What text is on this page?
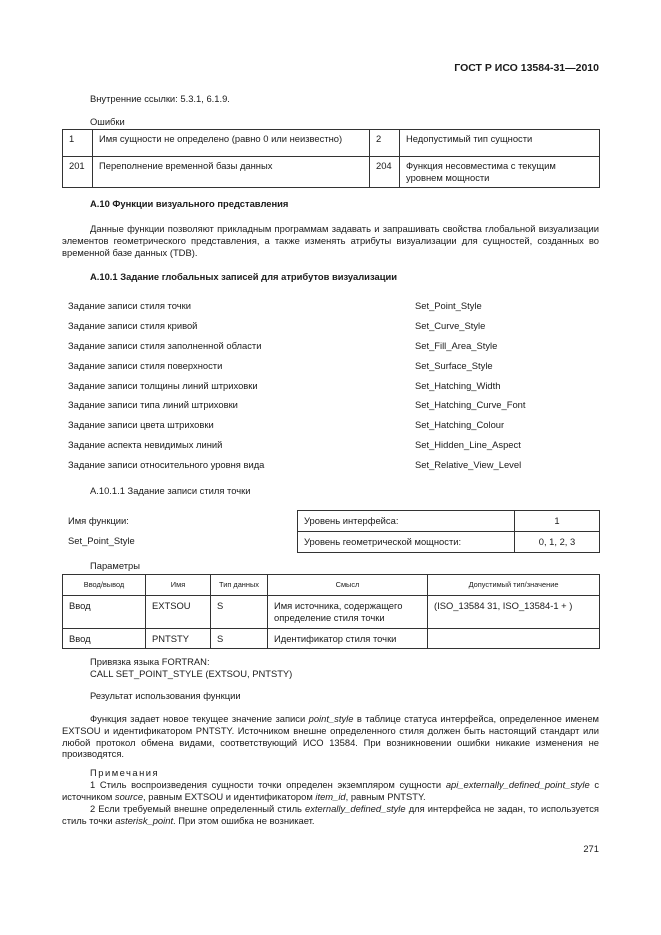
ГОСТ Р ИСО 13584-31—2010
Внутренние ссылки: 5.3.1, 6.1.9.
Ошибки
1	Имя сущности не определено (равно 0 или неизвестно)	2	Недопустимый тип сущности
201	Переполнение временной базы данных	204	Функция несовместима с текущим уровнем мощности
А.10 Функции визуального представления
Данные функции позволяют прикладным программам задавать и запрашивать свойства глобальной визуализации элементов геометрического представления, а также изменять атрибуты визуализации для сущностей, созданных во временной базе данных (TDB).
А.10.1 Задание глобальных записей для атрибутов визуализации
Задание записи стиля точки	Set_Point_Style
Задание записи стиля кривой	Set_Curve_Style
Задание записи стиля заполненной области	Set_Fill_Area_Style
Задание записи стиля поверхности	Set_Surface_Style
Задание записи толщины линий штриховки	Set_Hatching_Width
Задание записи типа линий штриховки	Set_Hatching_Curve_Font
Задание записи цвета штриховки	Set_Hatching_Colour
Задание аспекта невидимых линий	Set_Hidden_Line_Aspect
Задание записи относительного уровня вида	Set_Relative_View_Level
А.10.1.1 Задание записи стиля точки
Имя функции:
Set_Point_Style
Уровень интерфейса:	1
Уровень геометрической мощности:	0, 1, 2, 3
Параметры
Ввод/вывод	Имя	Тип данных	Смысл	Допустимый тип/значение
Ввод	EXTSOU	S	Имя источника, содержащего определение стиля точки	(ISO_13584 31, ISO_13584-1 + )
Ввод	PNTSTY	S	Идентификатор стиля точки	
Привязка языка FORTRAN:
CALL SET_POINT_STYLE (EXTSOU, PNTSTY)
Результат использования функции
Функция задает новое текущее значение записи point_style в таблице статуса интерфейса, определенное именем EXTSOU и идентификатором PNTSTY. Источником внешне определенного стиля должен быть настоящий стандарт или любой протокол обмена видами, соответствующий ИСО 13584. При возникновении ошибки никакие изменения не производятся.
Примечания
1 Стиль воспроизведения сущности точки определен экземпляром сущности api_externally_defined_point_style с источником source, равным EXTSOU и идентификатором item_id, равным PNTSTY.
2 Если требуемый внешне определенный стиль externally_defined_style для интерфейса не задан, то используется стиль точки asterisk_point. При этом ошибка не возникает.
271
